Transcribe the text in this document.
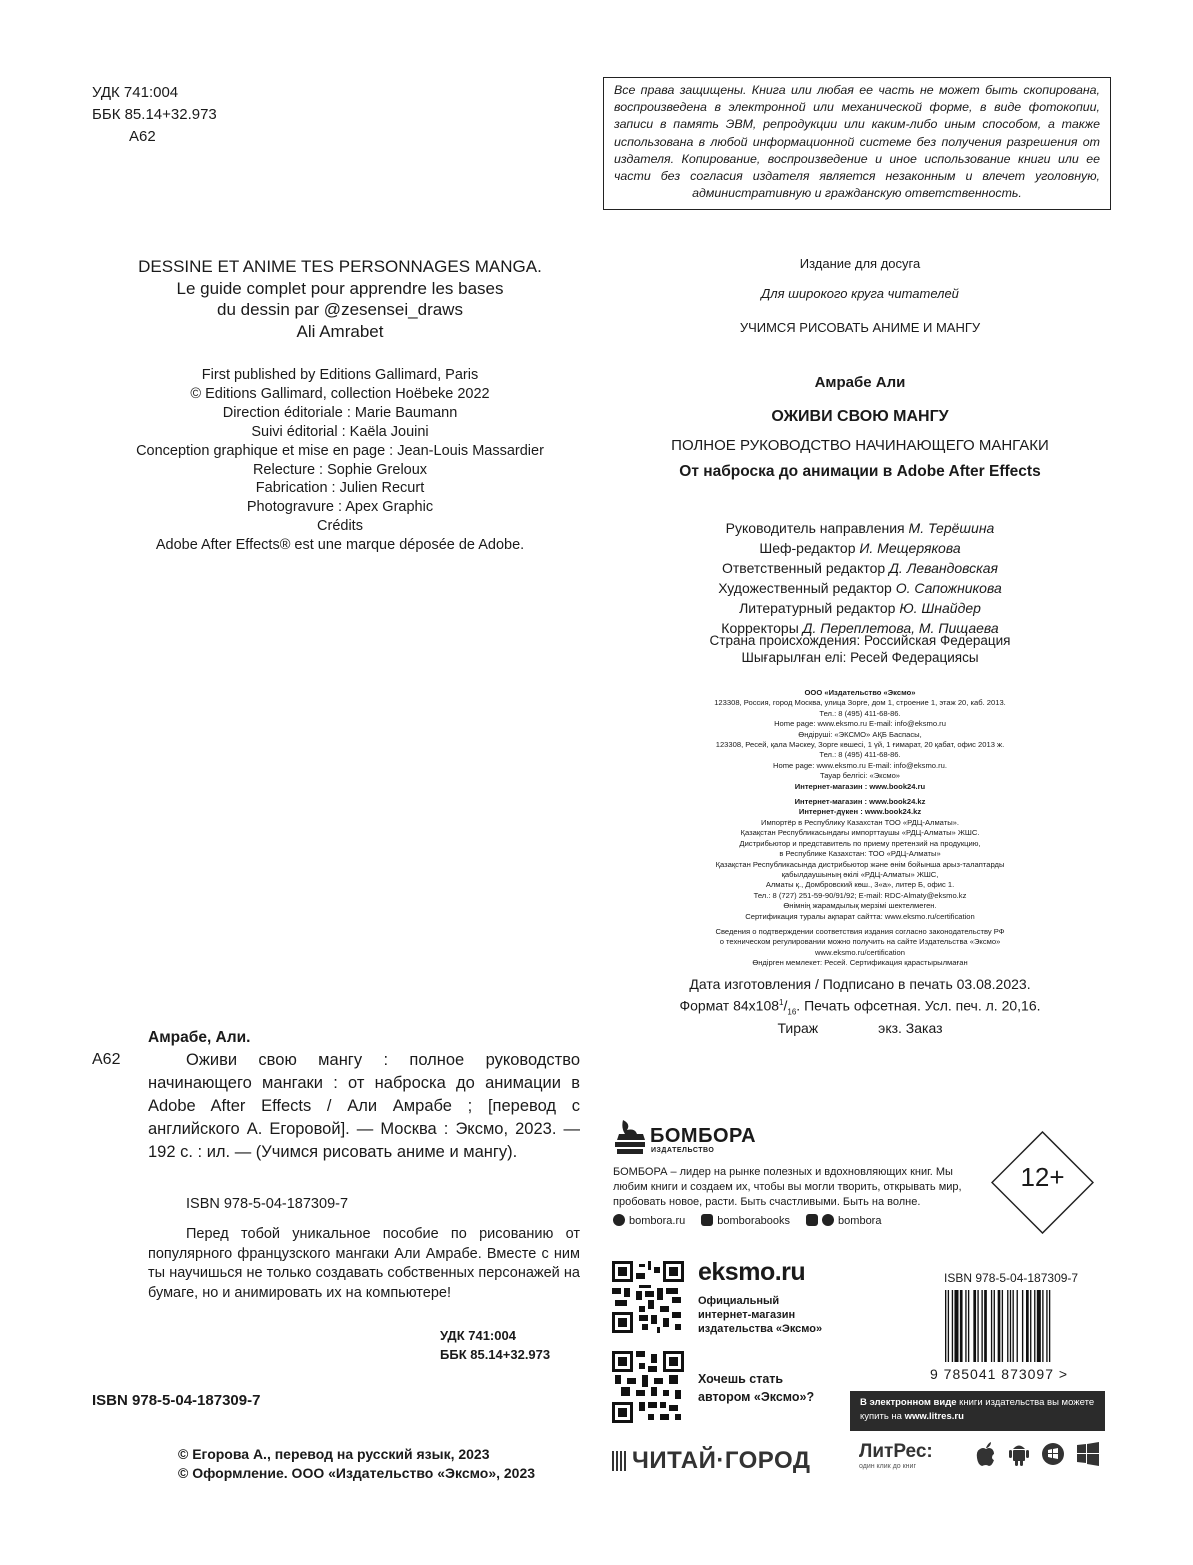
УДК 741:004
ББК 85.14+32.973
А62
Все права защищены. Книга или любая ее часть не может быть скопирована, воспроизведена в электронной или механической форме, в виде фотокопии, записи в память ЭВМ, репродукции или каким-либо иным способом, а также использована в любой информационной системе без получения разрешения от издателя. Копирование, воспроизведение и иное использование книги или ее части без согласия издателя является незаконным и влечет уголовную, административную и гражданскую ответственность.
DESSINE ET ANIME TES PERSONNAGES MANGA.
Le guide complet pour apprendre les bases
du dessin par @zesensei_draws
Ali Amrabet
First published by Editions Gallimard, Paris
© Editions Gallimard, collection Hoëbeke 2022
Direction éditoriale : Marie Baumann
Suivi éditorial : Kaëla Jouini
Conception graphique et mise en page : Jean-Louis Massardier
Relecture : Sophie Greloux
Fabrication : Julien Recurt
Photogravure : Apex Graphic
Crédits
Adobe After Effects® est une marque déposée de Adobe.
Издание для досуга
Для широкого круга читателей
УЧИМСЯ РИСОВАТЬ АНИМЕ И МАНГУ
Амрабе Али
ОЖИВИ СВОЮ МАНГУ
ПОЛНОЕ РУКОВОДСТВО НАЧИНАЮЩЕГО МАНГАКИ
От наброска до анимации в Adobe After Effects
Руководитель направления М. Терёшина
Шеф-редактор И. Мещерякова
Ответственный редактор Д. Левандовская
Художественный редактор О. Сапожникова
Литературный редактор Ю. Шнайдер
Корректоры Д. Переплетова, М. Пищаева
Страна происхождения: Российская Федерация
Шығарылған елі: Ресей Федерациясы
ООО «Издательство «Эксмо»
123308, Россия, город Москва, улица Зорге, дом 1, строение 1, этаж 20, каб. 2013.
Тел.: 8 (495) 411-68-86.
Home page: www.eksmo.ru E-mail: info@eksmo.ru
Өндіруші: «ЭКСМО» АҚБ Баспасы,
123308, Ресей, қала Мәскеу, Зорге көшесі, 1 үй, 1 ғимарат, 20 қабат, офис 2013 ж.
Тел.: 8 (495) 411-68-86.
Home page: www.eksmo.ru E-mail: info@eksmo.ru.
Тауар белгісі: «Эксмо»
Интернет-магазин : www.book24.ru
Интернет-магазин : www.book24.kz
Интернет-дүкен : www.book24.kz
Импортёр в Республику Казахстан ТОО «РДЦ-Алматы».
Қазақстан Республикасындағы импорттаушы «РДЦ-Алматы» ЖШС.
Дистрибьютор и представитель по приему претензий на продукцию,
в Республике Казахстан: ТОО «РДЦ-Алматы»
Қазақстан Республикасында дистрибьютор және өнім бойынша арыз-талаптарды
қабылдаушының өкілі «РДЦ-Алматы» ЖШС,
Алматы қ., Домбровский көш., 3«а», литер Б, офис 1.
Тел.: 8 (727) 251-59-90/91/92; E-mail: RDC-Almaty@eksmo.kz
Өнімнің жарамдылық мерзімі шектелмеген.
Сертификация туралы ақпарат сайтта: www.eksmo.ru/certification
Сведения о подтверждении соответствия издания согласно законодательству РФ
о техническом регулировании можно получить на сайте Издательства «Эксмо»
www.eksmo.ru/certification
Өндірген мемлекет: Ресей. Сертификация қарастырылмаған
Дата изготовления / Подписано в печать 03.08.2023.
Формат $84x108^1/_{16}$. Печать офсетная. Усл. печ. л. 20,16.
Тираж	экз. Заказ
Амрабе, Али.
А62	Оживи свою мангу : полное руководство начинающего мангаки : от наброска до анимации в Adobe After Effects / Али Амрабе ; [перевод с английского А. Егоровой]. — Москва : Эксмо, 2023. — 192 с. : ил. — (Учимся рисовать аниме и мангу).
ISBN 978-5-04-187309-7
Перед тобой уникальное пособие по рисованию от популярного французского мангаки Али Амрабе. Вместе с ним ты научишься не только создавать собственных персонажей на бумаге, но и анимировать их на компьютере!
УДК 741:004
ББК 85.14+32.973
ISBN 978-5-04-187309-7
© Егорова А., перевод на русский язык, 2023
© Оформление. ООО «Издательство «Эксмо», 2023
БОМБОРА
ИЗДАТЕЛЬСТВО
БОМБОРА – лидер на рынке полезных и вдохновляющих книг. Мы любим книги и создаем их, чтобы вы могли творить, открывать мир, пробовать новое, расти. Быть счастливыми. Быть на волне.
bombora.ru	bomborabooks	bombora
12+
eksmo.ru
Официальный
интернет-магазин
издательства «Эксмо»
Хочешь стать
автором «Эксмо»?
ISBN 978-5-04-187309-7
9 785041 873097 >
В электронном виде книги издательства вы можете
купить на www.litres.ru
ЧИТАЙ·ГОРОД	ЛитРес:
один клик до книг
